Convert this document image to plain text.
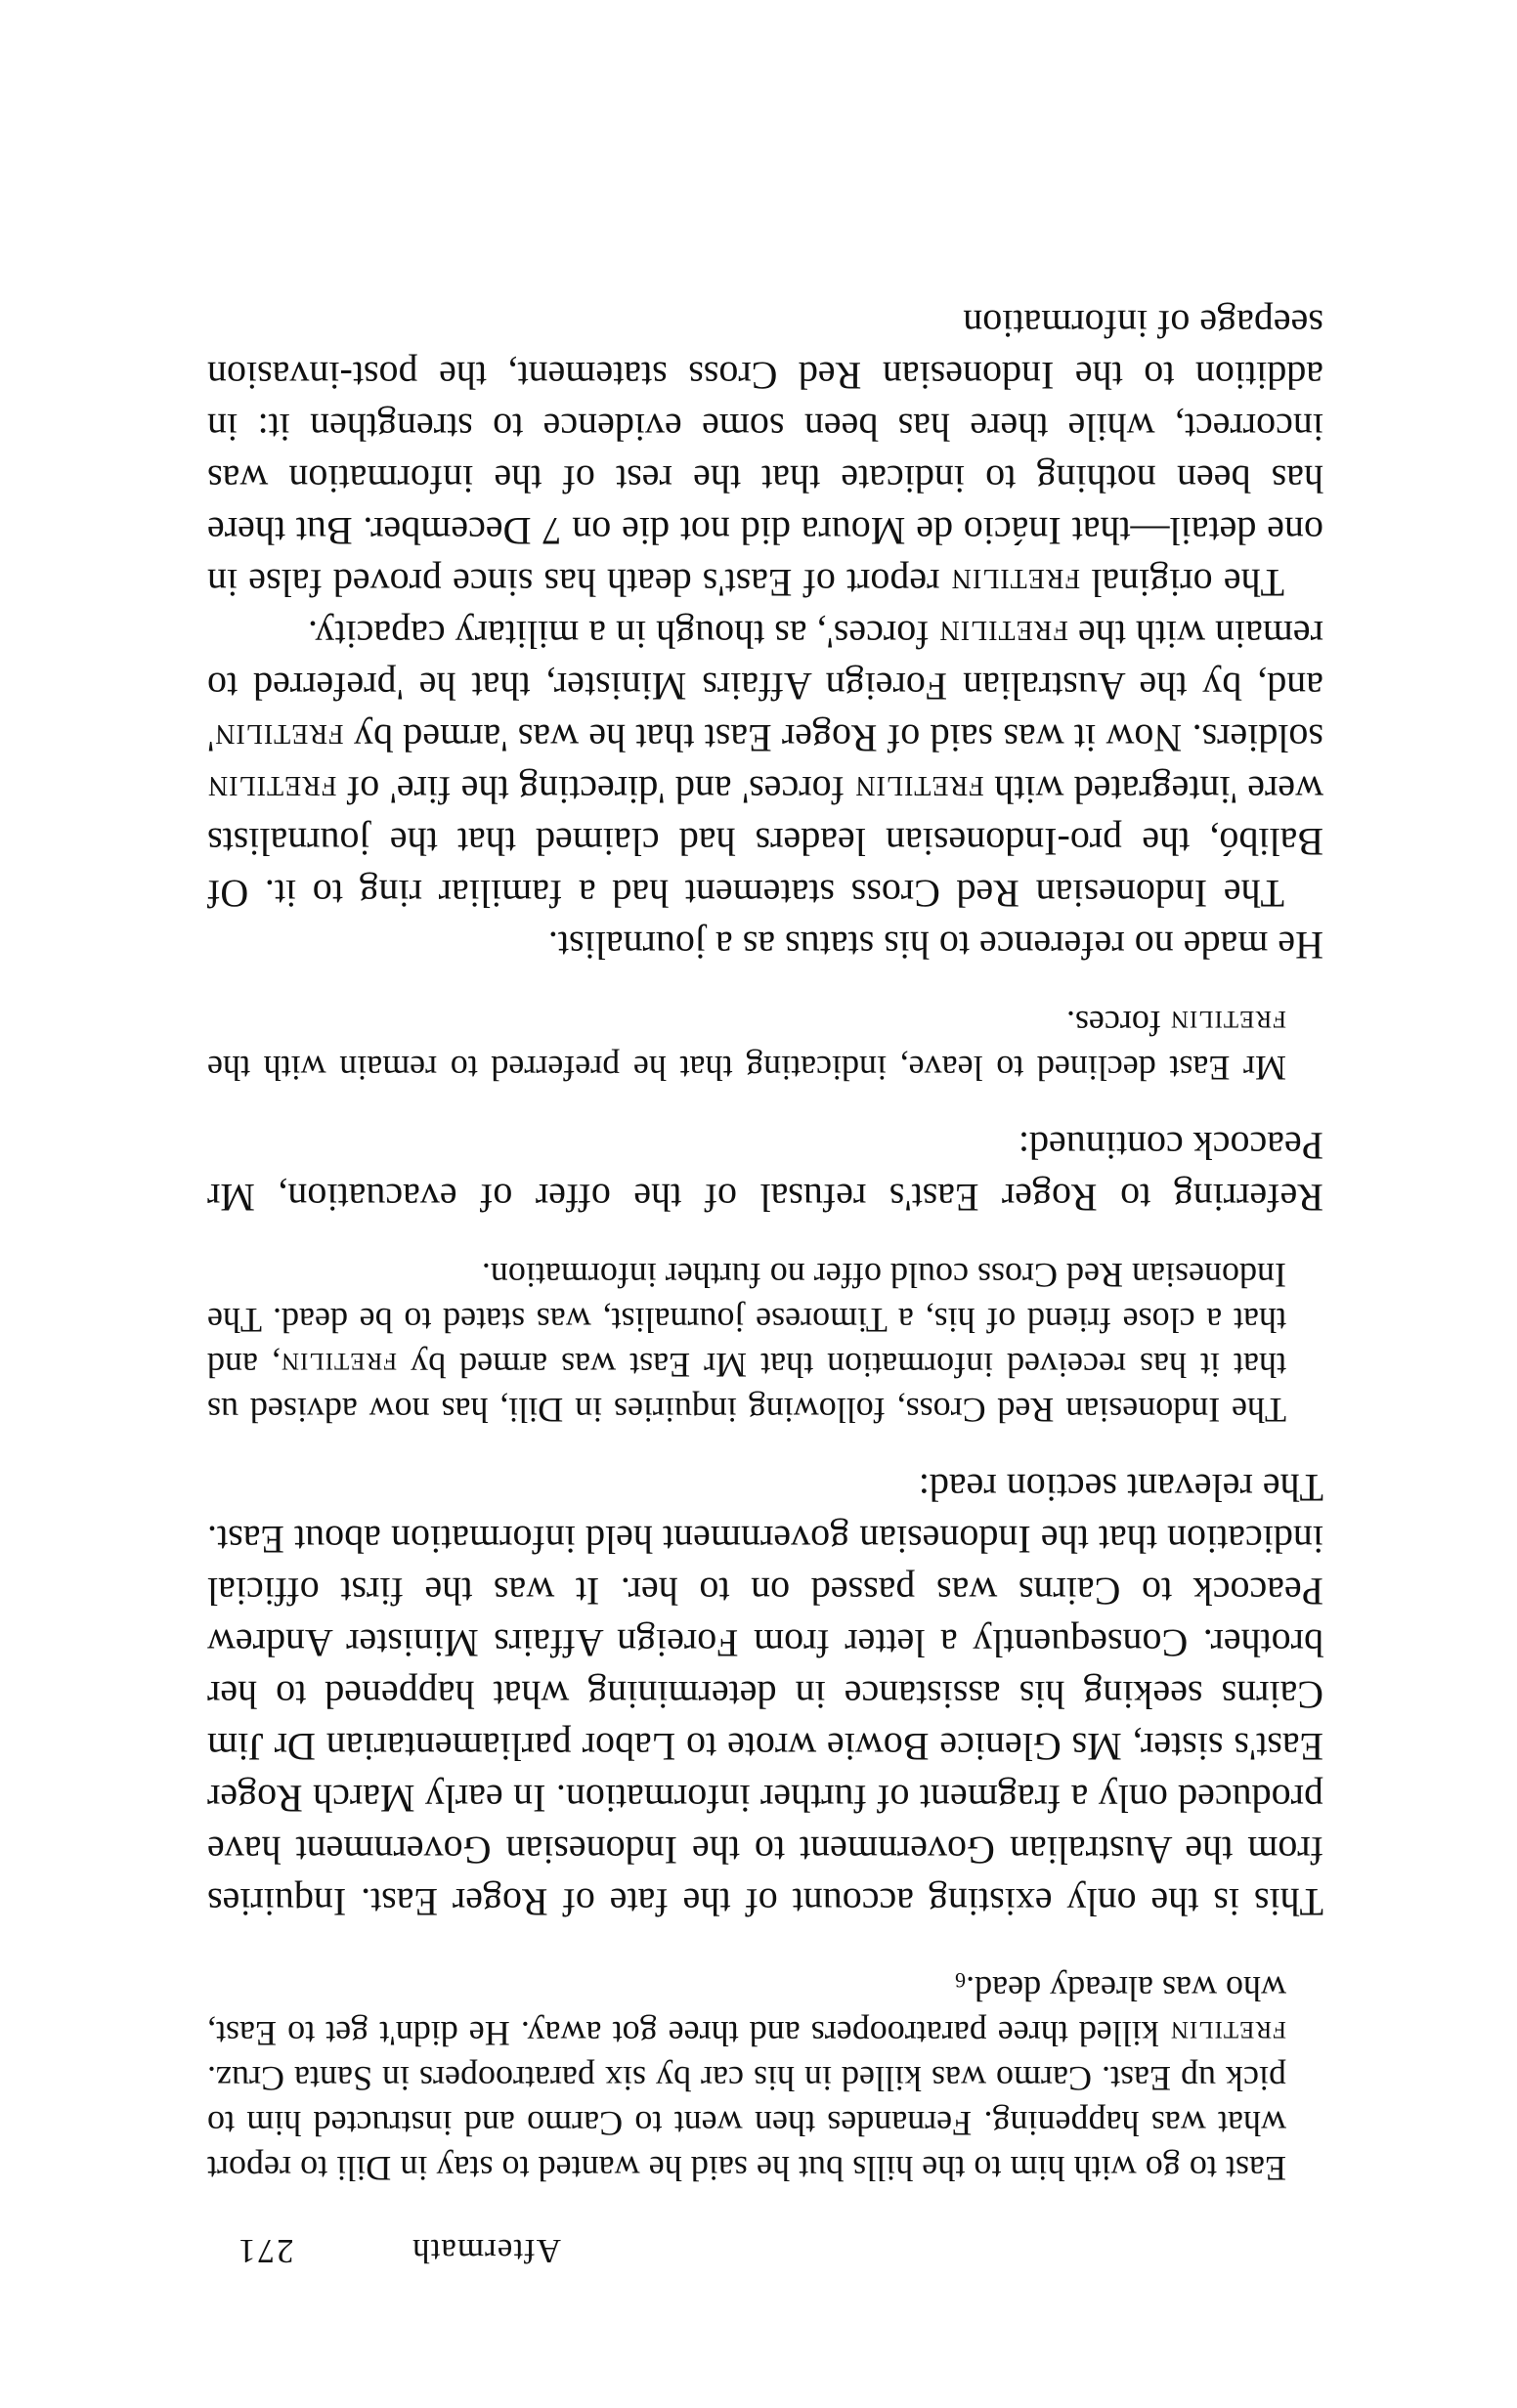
Aftermath
271

East to go with him to the hills but he said he wanted to stay in Dili to report what was happening. Fernandes then went to Carmo and instructed him to pick up East. Carmo was killed in his car by six paratroopers in Santa Cruz. fretilin killed three paratroopers and three got away. He didn't get to East, who was already $dead._6$

This is the only existing account of the fate of Roger East. Inquiries from the Australian Government to the Indonesian Government have produced only a fragment of further information. In early March Roger East's sister, Ms Glenice Bowie wrote to Labor parliamentarian Dr Jim Cairns seeking his assistance in determining what happened to her brother. Consequently a letter from Foreign Affairs Minister Andrew Peacock to Cairns was passed on to her. It was the first official indication that the Indonesian government held information about East. The relevant section read:

The Indonesian Red Cross, following inquiries in Dili, has now advised us that it has received information that Mr East was armed by fretilin, and that a close friend of his, a Timorese journalist, was stated to be dead. The Indonesian Red Cross could offer no further information.

Referring to Roger East's refusal of the offer of evacuation, Mr Peacock continued:

Mr East declined to leave, indicating that he preferred to remain with the fretilin forces.

He made no reference to his status as a journalist.

The Indonesian Red Cross statement had a familiar ring to it. Of Balibó, the pro-Indonesian leaders had claimed that the journalists were 'integrated with fretilin forces' and 'directing the fire' of fretilin soldiers. Now it was said of Roger East that he was 'armed by fretilin' and, by the Australian Foreign Affairs Minister, that he 'preferred to remain with the fretilin forces', as though in a military capacity.

The original fretilin report of East's death has since proved false in one detail—that Inácio de Moura did not die on 7 December. But there has been nothing to indicate that the rest of the information was incorrect, while there has been some evidence to strengthen it: in addition to the Indonesian Red Cross statement, the post-invasion seepage of information
